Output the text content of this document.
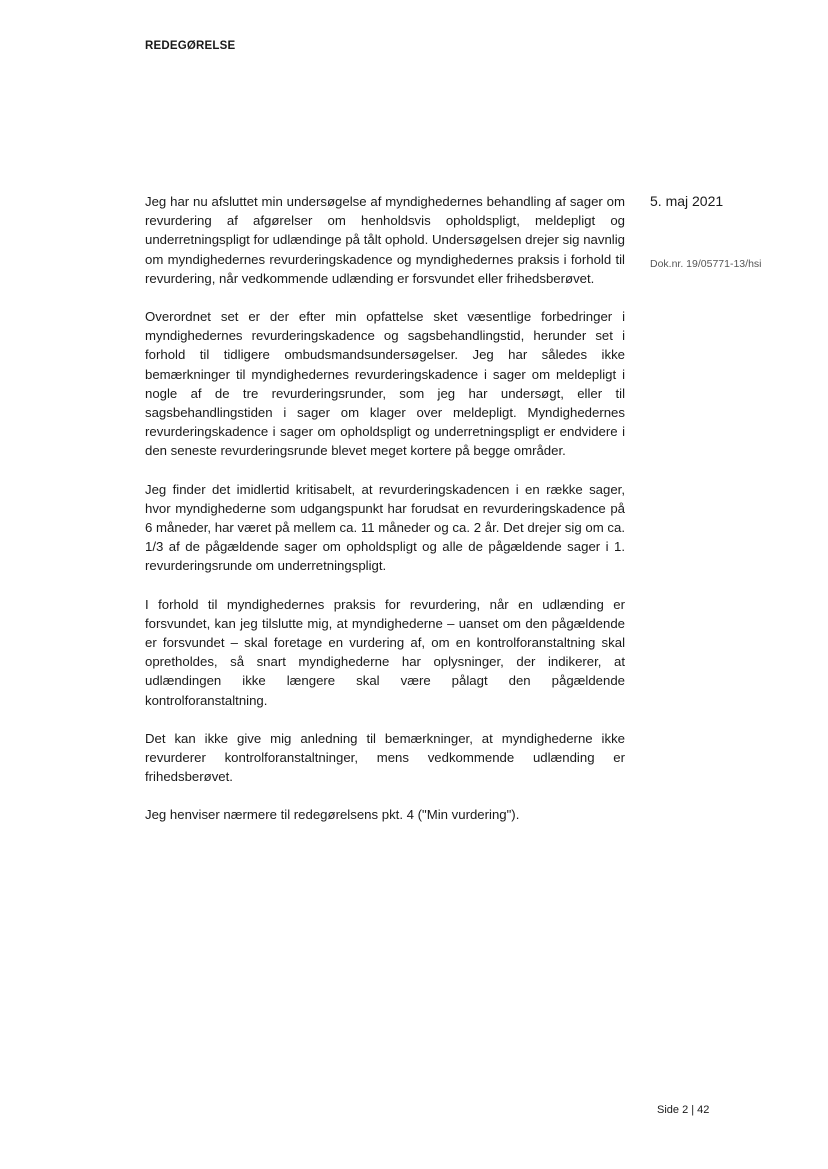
REDEGØRELSE

Jeg har nu afsluttet min undersøgelse af myndighedernes behandling af sager om revurdering af afgørelser om henholdsvis opholdspligt, meldepligt og underretningspligt for udlændinge på tålt ophold. Undersøgelsen drejer sig navnlig om myndighedernes revurderingskadence og myndighedernes praksis i forhold til revurdering, når vedkommende udlænding er forsvundet eller frihedsberøvet.

Overordnet set er der efter min opfattelse sket væsentlige forbedringer i myndighedernes revurderingskadence og sagsbehandlingstid, herunder set i forhold til tidligere ombudsmandsundersøgelser. Jeg har således ikke bemærkninger til myndighedernes revurderingskadence i sager om meldepligt i nogle af de tre revurderingsrunder, som jeg har undersøgt, eller til sagsbehandlingstiden i sager om klager over meldepligt. Myndighedernes revurderingskadence i sager om opholdspligt og underretningspligt er endvidere i den seneste revurderingsrunde blevet meget kortere på begge områder.

Jeg finder det imidlertid kritisabelt, at revurderingskadencen i en række sager, hvor myndighederne som udgangspunkt har forudsat en revurderingskadence på 6 måneder, har været på mellem ca. 11 måneder og ca. 2 år. Det drejer sig om ca. 1/3 af de pågældende sager om opholdspligt og alle de pågældende sager i 1. revurderingsrunde om underretningspligt.

I forhold til myndighedernes praksis for revurdering, når en udlænding er forsvundet, kan jeg tilslutte mig, at myndighederne – uanset om den pågældende er forsvundet – skal foretage en vurdering af, om en kontrolforanstaltning skal opretholdes, så snart myndighederne har oplysninger, der indikerer, at udlændingen ikke længere skal være pålagt den pågældende kontrolforanstaltning.

Det kan ikke give mig anledning til bemærkninger, at myndighederne ikke revurderer kontrolforanstaltninger, mens vedkommende udlænding er frihedsberøvet.

Jeg henviser nærmere til redegørelsens pkt. 4 ("Min vurdering").

5. maj 2021
Dok.nr. 19/05771-13/hsi
Side 2 | 42
